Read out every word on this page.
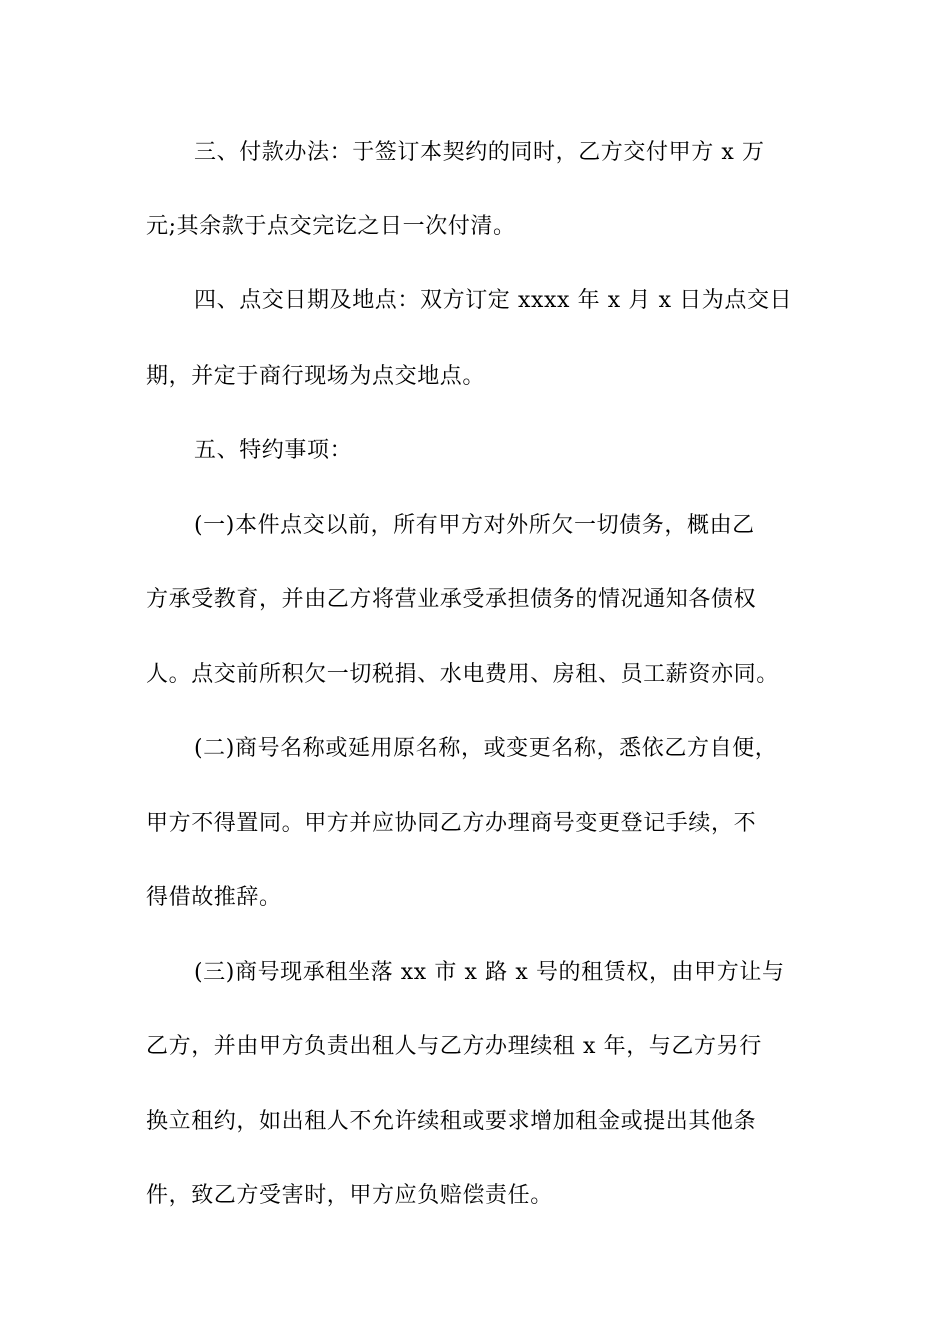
三、付款办法：于签订本契约的同时，乙方交付甲方 x 万
元;其余款于点交完讫之日一次付清。
四、点交日期及地点：双方订定 xxxx 年 x 月 x 日为点交日
期，并定于商行现场为点交地点。
五、特约事项：
(一)本件点交以前，所有甲方对外所欠一切债务，概由乙
方承受教育，并由乙方将营业承受承担债务的情况通知各债权
人。点交前所积欠一切税捐、水电费用、房租、员工薪资亦同。
(二)商号名称或延用原名称，或变更名称，悉依乙方自便，
甲方不得置同。甲方并应协同乙方办理商号变更登记手续，不
得借故推辞。
(三)商号现承租坐落 xx 市 x 路 x 号的租赁权，由甲方让与
乙方，并由甲方负责出租人与乙方办理续租 x 年，与乙方另行
换立租约，如出租人不允许续租或要求增加租金或提出其他条
件，致乙方受害时，甲方应负赔偿责任。
